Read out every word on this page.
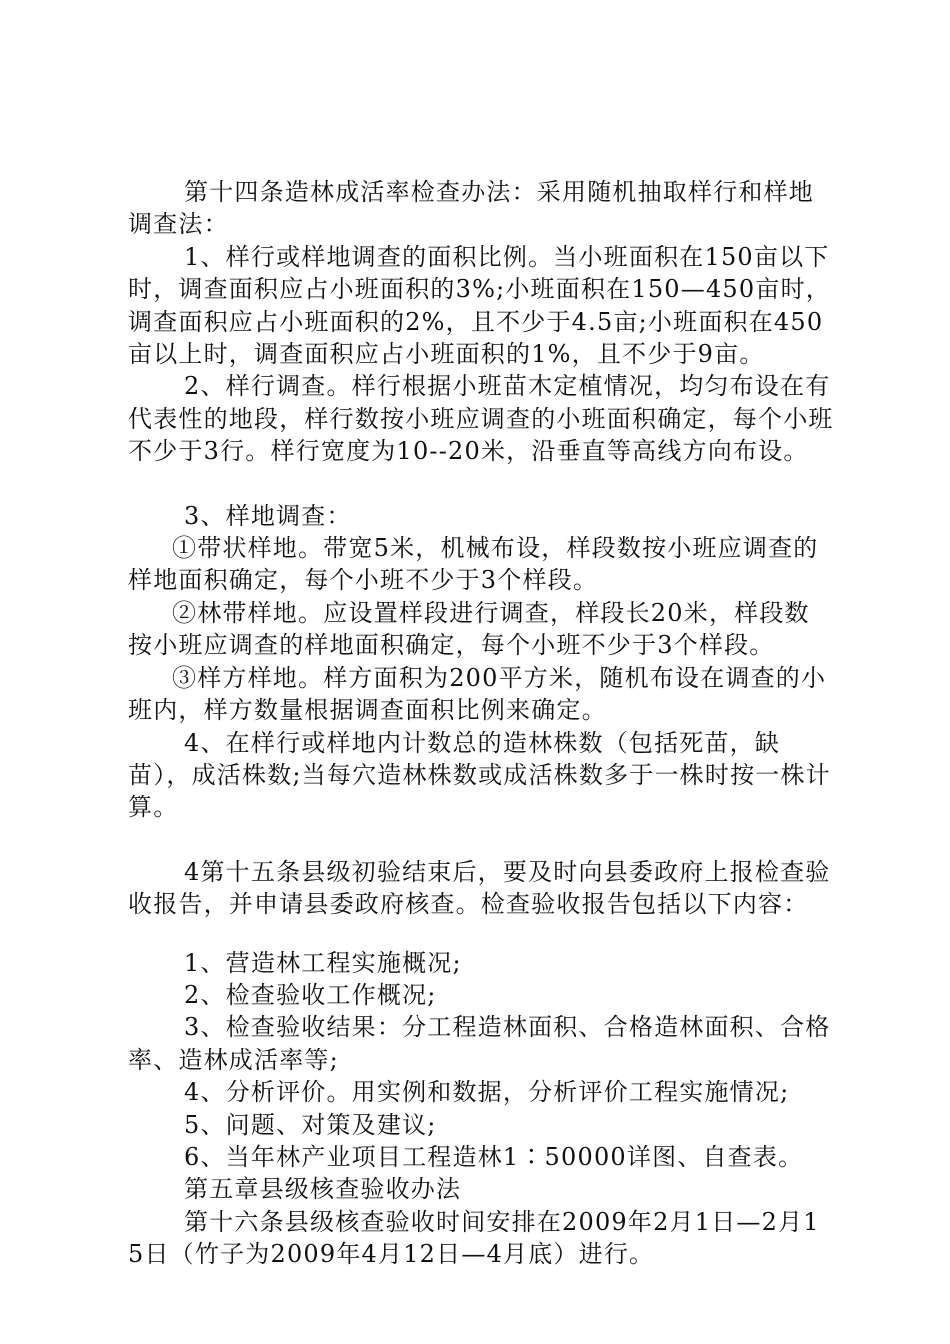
第十四条造林成活率检查办法：采用随机抽取样行和样地调查法：

1、样行或样地调查的面积比例。当小班面积在150亩以下时，调查面积应占小班面积的3%;小班面积在150—450亩时，调查面积应占小班面积的2%，且不少于4.5亩;小班面积在450亩以上时，调查面积应占小班面积的1%，且不少于9亩。

2、样行调查。样行根据小班苗木定植情况，均匀布设在有代表性的地段，样行数按小班应调查的小班面积确定，每个小班不少于3行。样行宽度为10--20米，沿垂直等高线方向布设。

3、样地调查：

①带状样地。带宽5米，机械布设，样段数按小班应调查的样地面积确定，每个小班不少于3个样段。

②林带样地。应设置样段进行调查，样段长20米，样段数按小班应调查的样地面积确定，每个小班不少于3个样段。

③样方样地。样方面积为200平方米，随机布设在调查的小班内，样方数量根据调查面积比例来确定。

4、在样行或样地内计数总的造林株数（包括死苗，缺苗），成活株数;当每穴造林株数或成活株数多于一株时按一株计算。

4第十五条县级初验结束后，要及时向县委政府上报检查验收报告，并申请县委政府核查。检查验收报告包括以下内容：

1、营造林工程实施概况;

2、检查验收工作概况;

3、检查验收结果：分工程造林面积、合格造林面积、合格率、造林成活率等;

4、分析评价。用实例和数据，分析评价工程实施情况;

5、问题、对策及建议;

6、当年林产业项目工程造林1∶50000详图、自查表。

第五章县级核查验收办法

第十六条县级核查验收时间安排在2009年2月1日—2月15日（竹子为2009年4月12日—4月底）进行。
